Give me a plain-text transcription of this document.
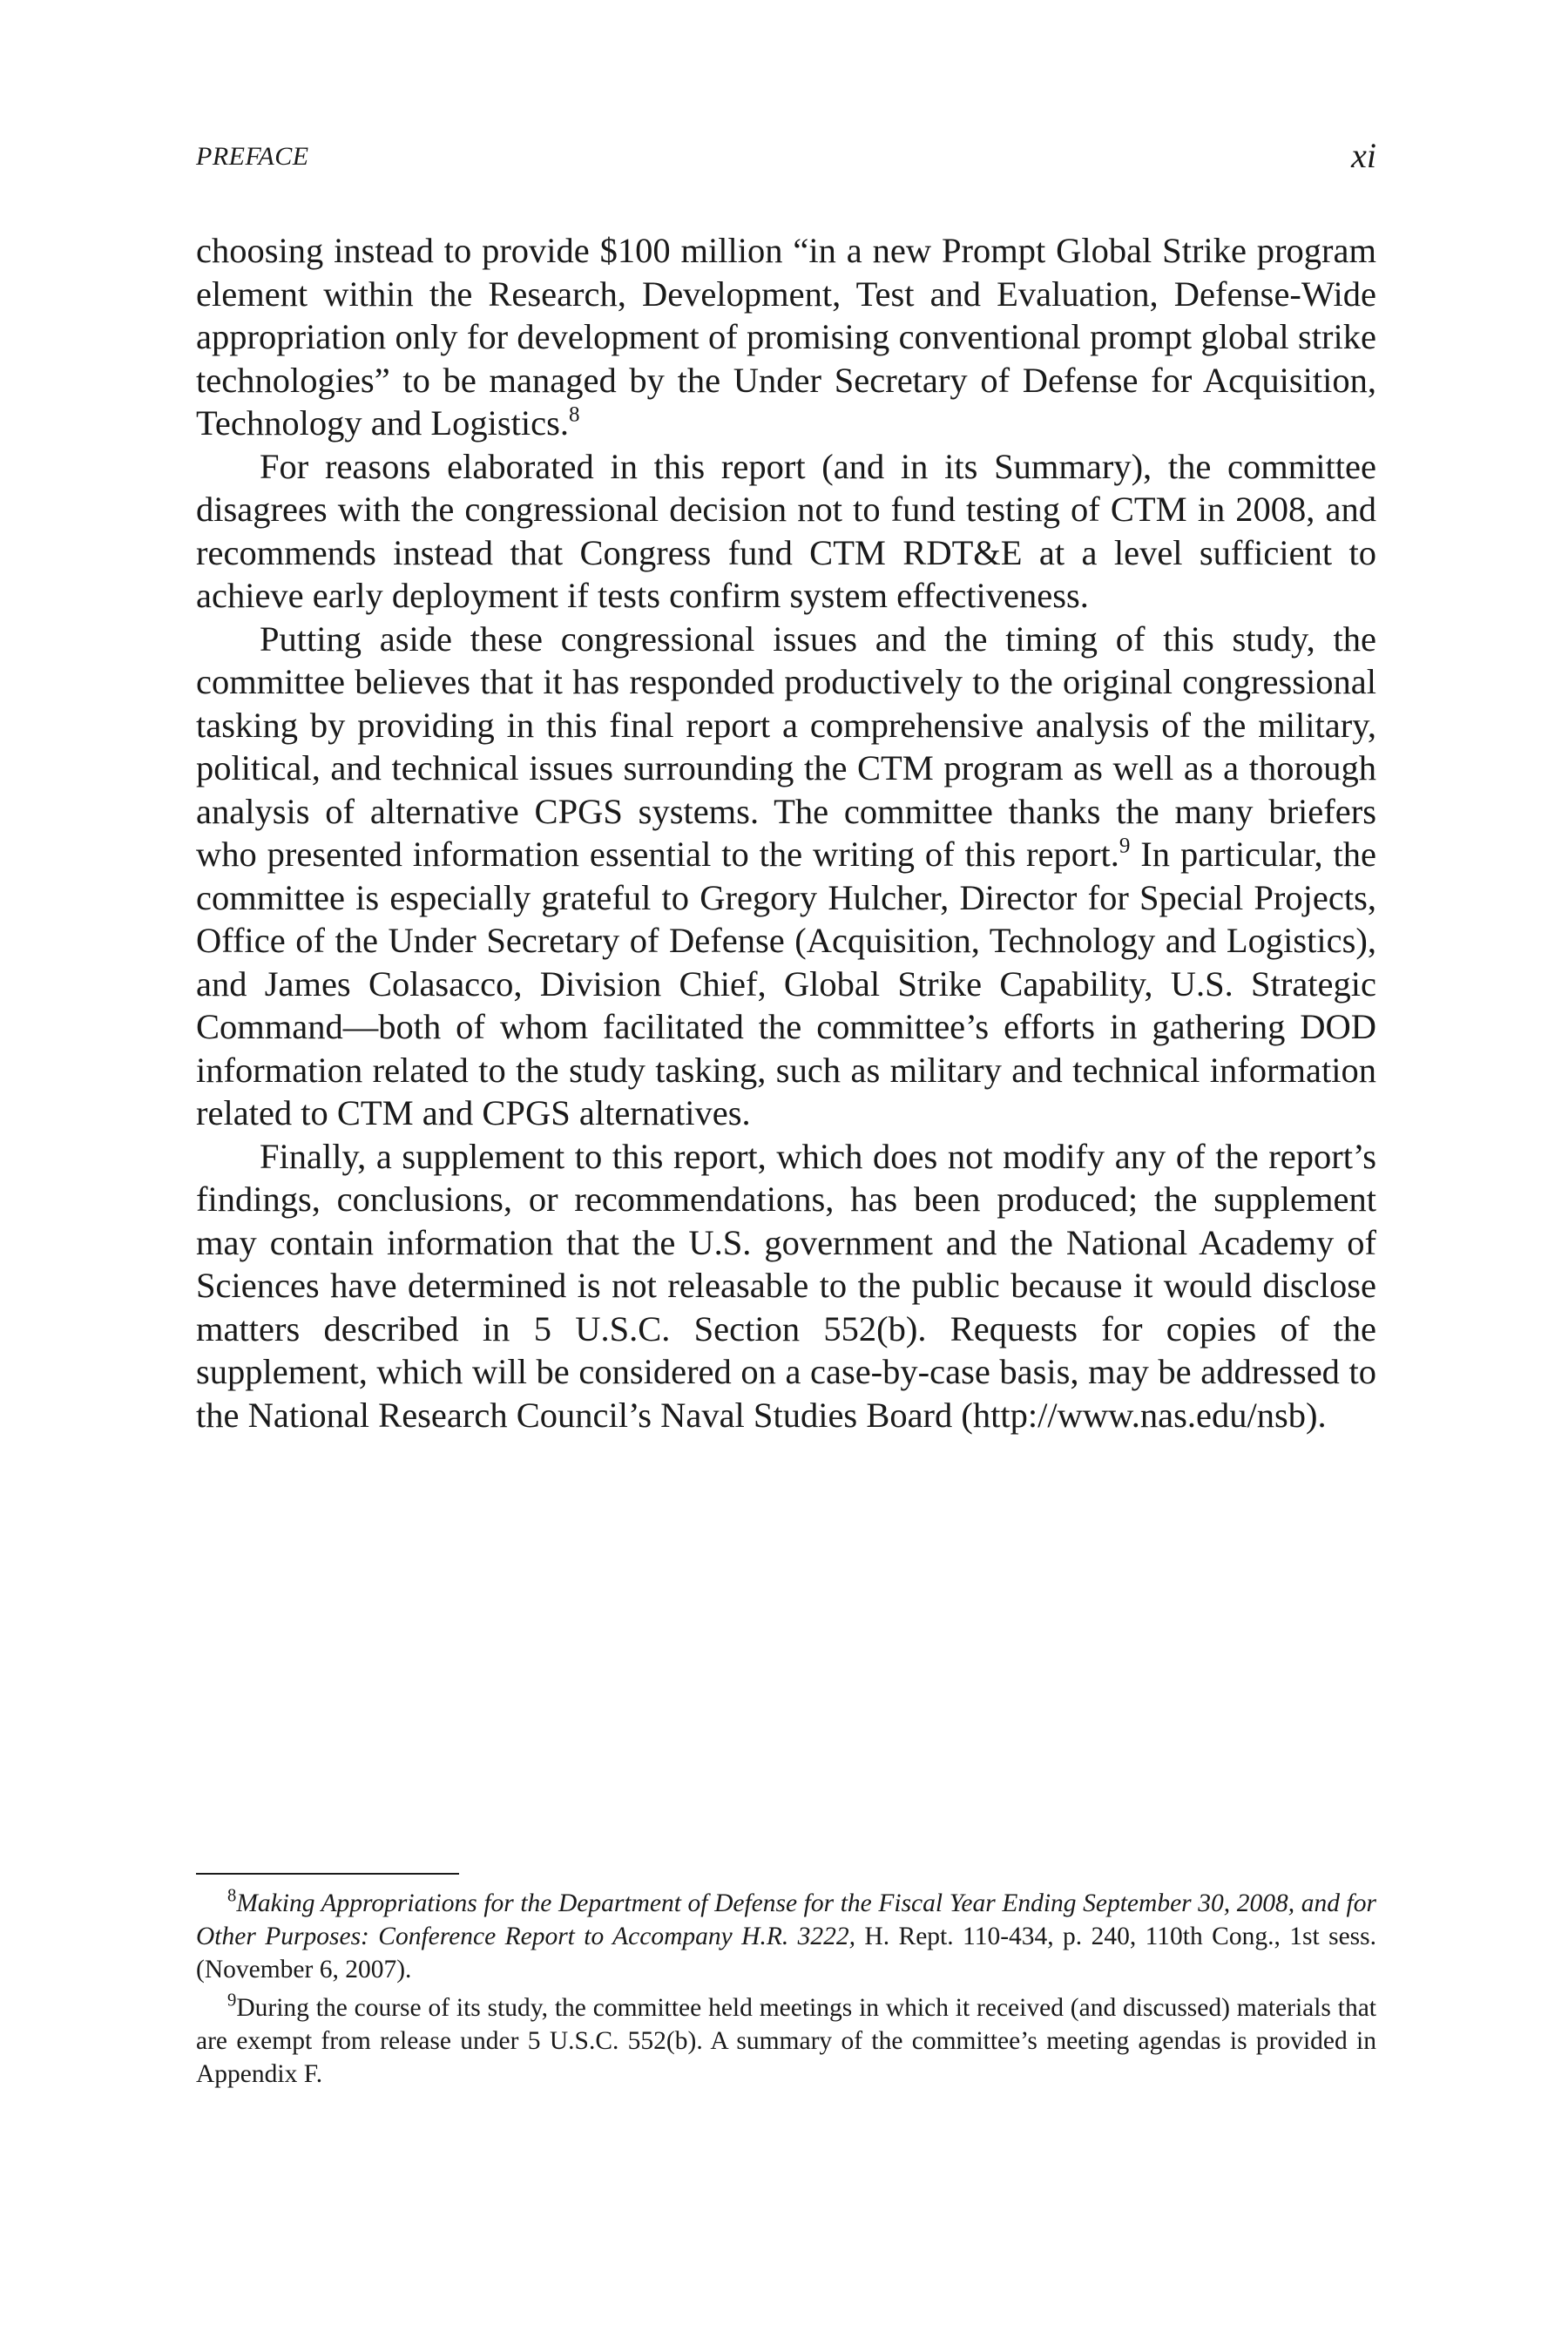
PREFACE	xi

choosing instead to provide $100 million “in a new Prompt Global Strike program element within the Research, Development, Test and Evaluation, Defense-Wide appropriation only for development of promising conventional prompt global strike technologies” to be managed by the Under Secretary of Defense for Acquisition, Technology and Logistics.$^8$

For reasons elaborated in this report (and in its Summary), the committee disagrees with the congressional decision not to fund testing of CTM in 2008, and recommends instead that Congress fund CTM RDT&E at a level sufficient to achieve early deployment if tests confirm system effectiveness.

Putting aside these congressional issues and the timing of this study, the committee believes that it has responded productively to the original congressional tasking by providing in this final report a comprehensive analysis of the military, political, and technical issues surrounding the CTM program as well as a thorough analysis of alternative CPGS systems. The committee thanks the many briefers who presented information essential to the writing of this report.$^9$ In particular, the committee is especially grateful to Gregory Hulcher, Director for Special Projects, Office of the Under Secretary of Defense (Acquisition, Technology and Logistics), and James Colasacco, Division Chief, Global Strike Capability, U.S. Strategic Command—both of whom facilitated the committee’s efforts in gathering DOD information related to the study tasking, such as military and technical information related to CTM and CPGS alternatives.

Finally, a supplement to this report, which does not modify any of the report’s findings, conclusions, or recommendations, has been produced; the supplement may contain information that the U.S. government and the National Academy of Sciences have determined is not releasable to the public because it would disclose matters described in 5 U.S.C. Section 552(b). Requests for copies of the supplement, which will be considered on a case-by-case basis, may be addressed to the National Research Council’s Naval Studies Board (http://www.nas.edu/nsb).

$^8$Making Appropriations for the Department of Defense for the Fiscal Year Ending September 30, 2008, and for Other Purposes: Conference Report to Accompany H.R. 3222, H. Rept. 110-434, p. 240, 110th Cong., 1st sess. (November 6, 2007).

$^9$During the course of its study, the committee held meetings in which it received (and discussed) materials that are exempt from release under 5 U.S.C. 552(b). A summary of the committee’s meeting agendas is provided in Appendix F.
